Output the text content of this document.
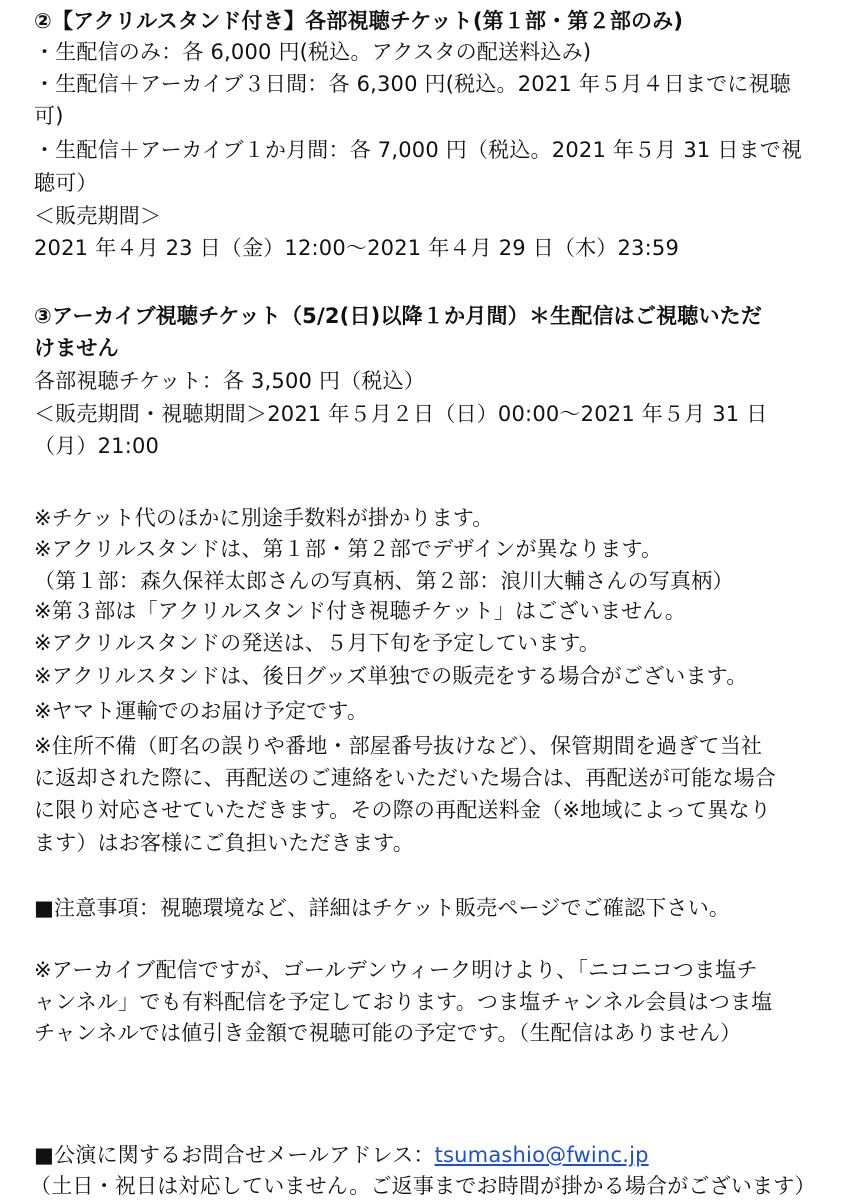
②【アクリルスタンド付き】各部視聴チケット(第１部・第２部のみ)
・生配信のみ：各 6,000 円(税込。アクスタの配送料込み)
・生配信＋アーカイブ３日間：各 6,300 円(税込。2021 年５月４日までに視聴
可)
・生配信＋アーカイブ１か月間：各 7,000 円（税込。2021 年５月 31 日まで視
聴可）
＜販売期間＞
2021 年４月 23 日（金）12:00～2021 年４月 29 日（木）23:59
③アーカイブ視聴チケット（5/2(日)以降１か月間）＊生配信はご視聴いただ
けません
各部視聴チケット：各 3,500 円（税込）
＜販売期間・視聴期間＞2021 年５月２日（日）00:00～2021 年５月 31 日
（月）21:00
※チケット代のほかに別途手数料が掛かります。
※アクリルスタンドは、第１部・第２部でデザインが異なります。
（第１部：森久保祥太郎さんの写真柄、第２部：浪川大輔さんの写真柄）
※第３部は「アクリルスタンド付き視聴チケット」はございません。
※アクリルスタンドの発送は、５月下旬を予定しています。
※アクリルスタンドは、後日グッズ単独での販売をする場合がございます。
※ヤマト運輸でのお届け予定です。
※住所不備（町名の誤りや番地・部屋番号抜けなど）、保管期間を過ぎて当社
に返却された際に、再配送のご連絡をいただいた場合は、再配送が可能な場合
に限り対応させていただきます。その際の再配送料金（※地域によって異なり
ます）はお客様にご負担いただきます。
■注意事項：視聴環境など、詳細はチケット販売ページでご確認下さい。
※アーカイブ配信ですが、ゴールデンウィーク明けより、「ニコニコつま塩チ
ャンネル」でも有料配信を予定しております。つま塩チャンネル会員はつま塩
チャンネルでは値引き金額で視聴可能の予定です。（生配信はありません）
■公演に関するお問合せメールアドレス：tsumashio@fwinc.jp
（土日・祝日は対応していません。ご返事までお時間が掛かる場合がございます）
